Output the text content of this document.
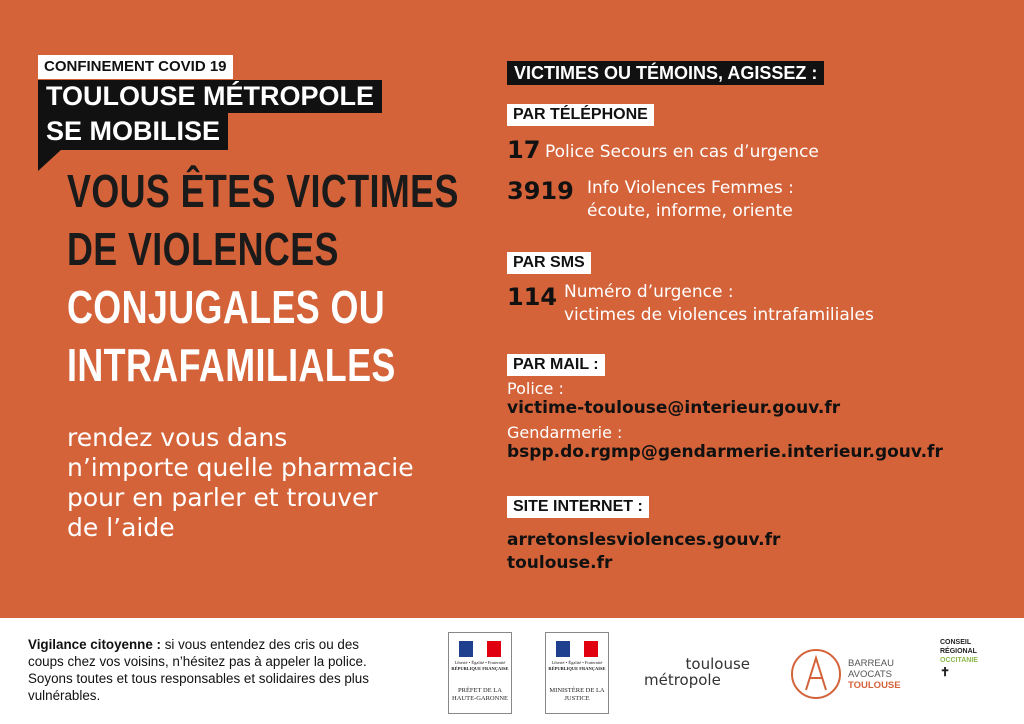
CONFINEMENT COVID 19
TOULOUSE MÉTROPOLE
SE MOBILISE
VOUS ÊTES VICTIMES
DE VIOLENCES
CONJUGALES OU
INTRAFAMILIALES
rendez vous dans
n’importe quelle pharmacie
pour en parler et trouver
de l’aide
VICTIMES OU TÉMOINS, AGISSEZ :
PAR TÉLÉPHONE
17 Police Secours en cas d’urgence
3919 Info Violences Femmes :
écoute, informe, oriente
PAR SMS
114 Numéro d’urgence :
victimes de violences intrafamiliales
PAR MAIL :
Police :
victime-toulouse@interieur.gouv.fr
Gendarmerie :
bspp.do.rgmp@gendarmerie.interieur.gouv.fr
SITE INTERNET :
arretonslesviolences.gouv.fr
toulouse.fr
Vigilance citoyenne : si vous entendez des cris ou des coups chez vos voisins, n’hésitez pas à appeler la police. Soyons toutes et tous responsables et solidaires des plus vulnérables.
Liberté • Égalité • Fraternité
RÉPUBLIQUE FRANÇAISE
PRÉFET DE LA HAUTE-GARONNE
Liberté • Égalité • Fraternité
RÉPUBLIQUE FRANÇAISE
MINISTÈRE DE LA JUSTICE
toulouse
métropole
BARREAU
AVOCATS
TOULOUSE
CONSEIL
RÉGIONAL
OCCITANIE
✝
